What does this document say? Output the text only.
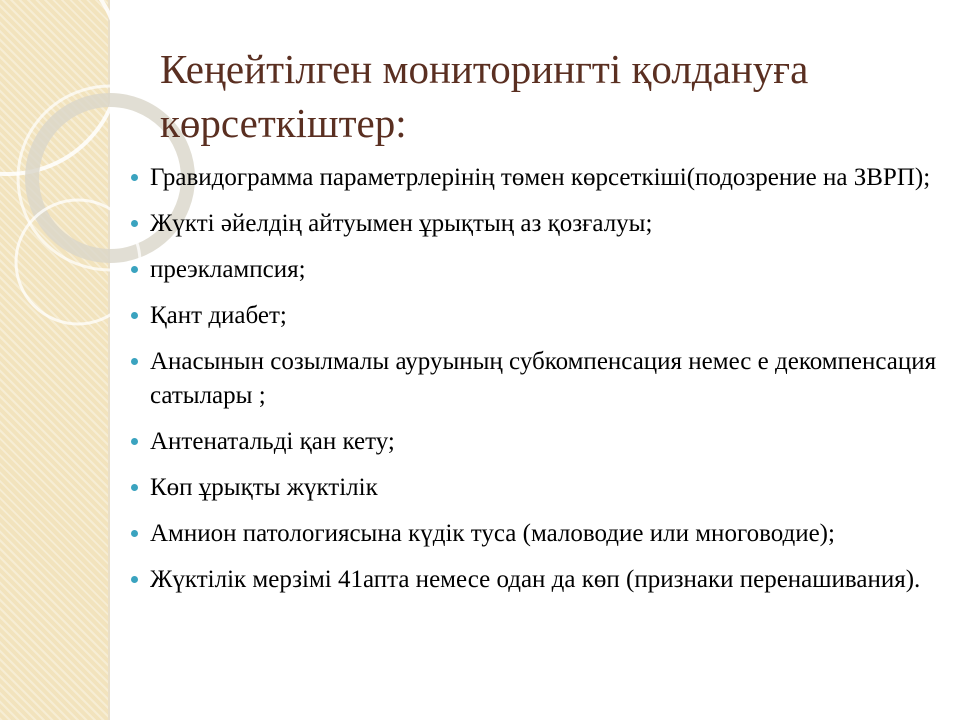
Кеңейтілген мониторингті қолдануға көрсеткіштер:
Гравидограмма параметрлерінің төмен көрсеткіші(подозрение на ЗВРП);
Жүкті әйелдің айтуымен ұрықтың аз қозғалуы;
преэклампсия;
Қант диабет;
Анасынын созылмалы ауруының субкомпенсация немес е декомпенсация сатылары ;
Антенатальді қан кету;
Көп ұрықты жүктілік
Амнион патологиясына күдік туса (маловодие или многоводие);
Жүктілік мерзімі 41апта немесе одан да көп (признаки перенашивания).
